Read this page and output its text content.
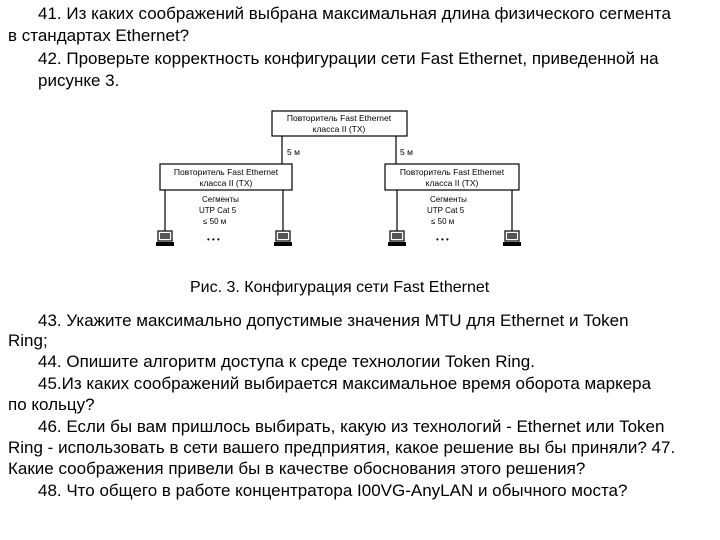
41. Из каких соображений выбрана максимальная длина физического сегмента
в стандартах Ethernet?
42. Проверьте корректность конфигурации сети Fast Ethernet, приведенной на
рисунке 3.
Повторитель Fast Ethernet
класса II (TX)
5 м	5 м
Повторитель Fast Ethernet
класса II (TX)
Повторитель Fast Ethernet
класса II (TX)
Сегменты
UTP Cat 5
≤ 50 м
• • •
Сегменты
UTP Cat 5
≤ 50 м
• • •
Рис. 3. Конфигурация сети Fast Ethernet
43. Укажите максимально допустимые значения MTU для Ethernet и Token
Ring;
44. Опишите алгоритм доступа к среде технологии Token Ring.
45.Из каких соображений выбирается максимальное время оборота маркера
по кольцу?
46. Если бы вам пришлось выбирать, какую из технологий - Ethernet или Token
Ring - использовать в сети вашего предприятия, какое решение вы бы приняли? 47.
Какие соображения привели бы в качестве обоснования этого решения?
48. Что общего в работе концентратора I00VG-AnyLAN и обычного моста?
